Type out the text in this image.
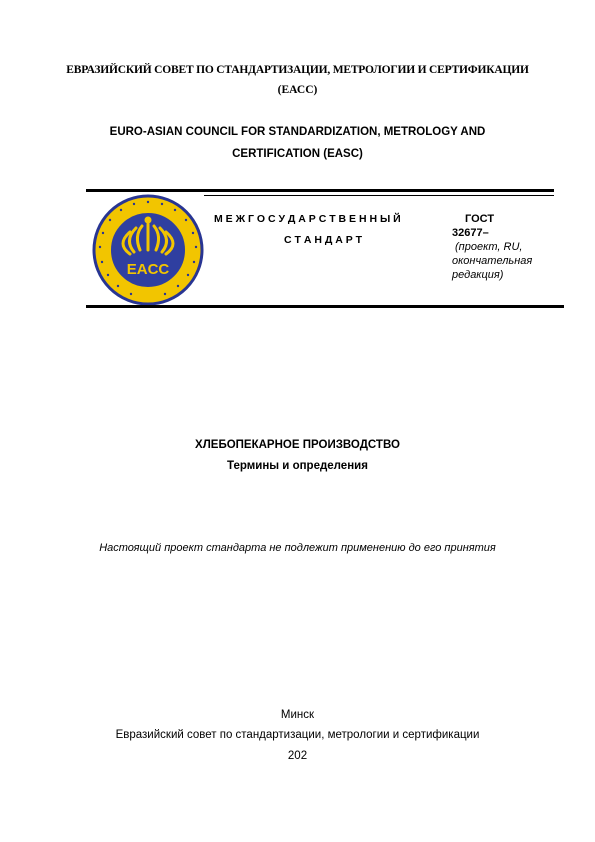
ЕВРАЗИЙСКИЙ СОВЕТ ПО СТАНДАРТИЗАЦИИ, МЕТРОЛОГИИ И СЕРТИФИКАЦИИ
(ЕАСС)
EURO-ASIAN COUNCIL FOR STANDARDIZATION, METROLOGY AND
CERTIFICATION (EASC)
EACC
М Е Ж Г О С У Д А Р С Т В Е Н Н Ы Й
С Т А Н Д А Р Т
ГОСТ
32677–
(проект, RU,
окончательная
редакция)
ХЛЕБОПЕКАРНОЕ ПРОИЗВОДСТВО
Термины и определения
Настоящий проект стандарта не подлежит применению до его принятия
Минск
Евразийский совет по стандартизации, метрологии и сертификации
202
